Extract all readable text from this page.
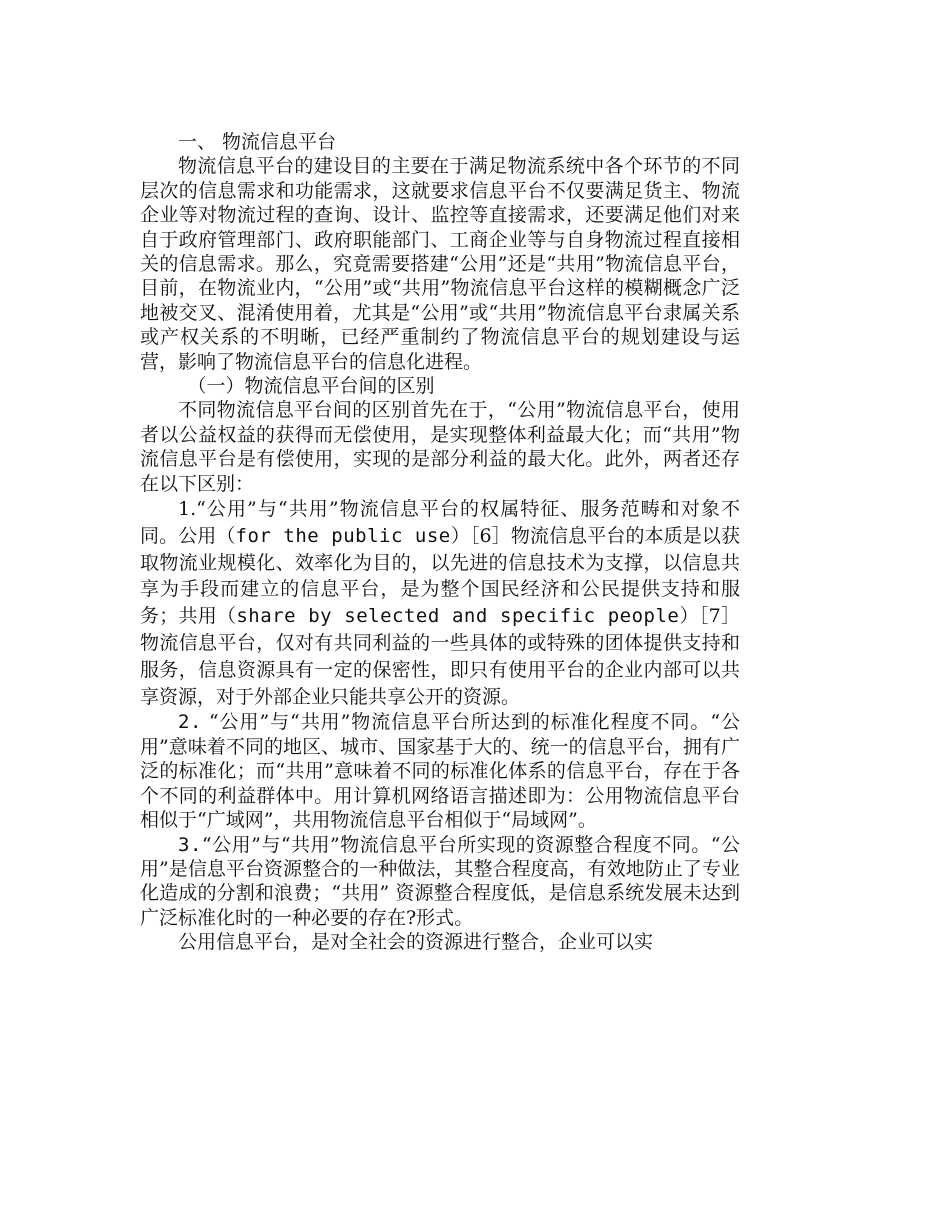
一、 物流信息平台

物流信息平台的建设目的主要在于满足物流系统中各个环节的不同层次的信息需求和功能需求，这就要求信息平台不仅要满足货主、物流企业等对物流过程的查询、设计、监控等直接需求，还要满足他们对来自于政府管理部门、政府职能部门、工商企业等与自身物流过程直接相关的信息需求。那么，究竟需要搭建“公用”还是“共用”物流信息平台，目前，在物流业内，“公用”或“共用”物流信息平台这样的模糊概念广泛地被交叉、混淆使用着，尤其是“公用”或“共用”物流信息平台隶属关系或产权关系的不明晰，已经严重制约了物流信息平台的规划建设与运营，影响了物流信息平台的信息化进程。

（一）物流信息平台间的区别

不同物流信息平台间的区别首先在于，“公用”物流信息平台，使用者以公益权益的获得而无偿使用，是实现整体利益最大化；而“共用”物流信息平台是有偿使用，实现的是部分利益的最大化。此外，两者还存在以下区别：

1.“公用”与“共用”物流信息平台的权属特征、服务范畴和对象不同。公用（for the public use）［6］物流信息平台的本质是以获取物流业规模化、效率化为目的，以先进的信息技术为支撑，以信息共享为手段而建立的信息平台，是为整个国民经济和公民提供支持和服务；共用（share by selected and specific people）［7］物流信息平台，仅对有共同利益的一些具体的或特殊的团体提供支持和服务，信息资源具有一定的保密性，即只有使用平台的企业内部可以共享资源，对于外部企业只能共享公开的资源。

2. “公用”与“共用”物流信息平台所达到的标准化程度不同。“公用”意味着不同的地区、城市、国家基于大的、统一的信息平台，拥有广泛的标准化；而“共用”意味着不同的标准化体系的信息平台，存在于各个不同的利益群体中。用计算机网络语言描述即为：公用物流信息平台相似于“广域网”，共用物流信息平台相似于“局域网”。

3.“公用”与“共用”物流信息平台所实现的资源整合程度不同。“公用”是信息平台资源整合的一种做法，其整合程度高，有效地防止了专业化造成的分割和浪费；“共用” 资源整合程度低，是信息系统发展未达到广泛标准化时的一种必要的存在?形式。

公用信息平台，是对全社会的资源进行整合，企业可以实
